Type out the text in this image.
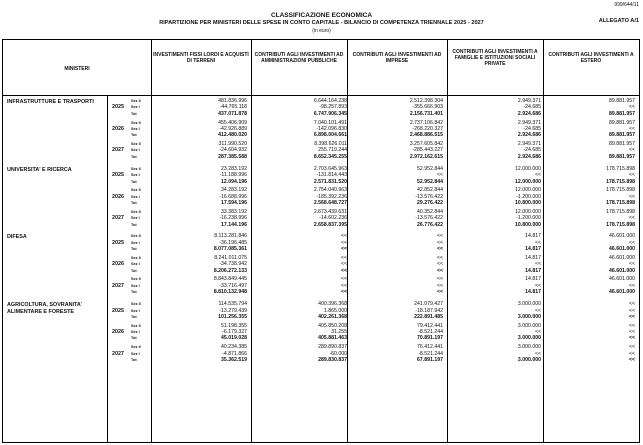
999/644/11
CLASSIFICAZIONE ECONOMICA
RIPARTIZIONE PER MINISTERI DELLE SPESE IN CONTO CAPITALE - BILANCIO DI COMPETENZA TRIENNALE 2025 - 2027
(in euro)
ALLEGATO A/1
MINISTERI
INVESTIMENTI FISSI LORDI E ACQUISTI DI TERRENI
CONTRIBUTI AGLI INVESTIMENTI AD AMMINISTRAZIONI PUBBLICHE
CONTRIBUTI AGLI INVESTIMENTI AD IMPRESE
CONTRIBUTI AGLI INVESTIMENTI A FAMIGLIE E ISTITUZIONI SOCIALI PRIVATE
CONTRIBUTI AGLI INVESTIMENTI A ESTERO
INFRASTRUTTURE E TRASPORTI
2025
Sez II	481.836.996	6.644.164.238	2.512.398.304	2.949.371	89.881.957
Sez I	-44.765.118	-98.257.893	-355.666.903	-24.685	<<
Tot	437.071.878	6.747.906.345	2.156.731.401	2.924.686	89.881.957
2026
Sez II	455.406.909	7.040.101.491	2.737.106.842	2.949.371	89.881.957
Sez I	-42.926.889	-142.096.830	-268.220.327	-24.685	<<
Tot	412.480.020	6.898.004.661	2.468.886.515	2.924.686	89.881.957
2027
Sez II	311.990.520	8.398.626.011	3.257.605.842	2.949.371	89.881.957
Sez I	-24.604.932	255.719.244	-285.443.227	-24.685	<<
Tot	287.385.588	8.652.345.255	2.972.162.615	2.924.686	89.881.957
UNIVERSITA' E RICERCA
2025
Sez II	23.283.192	2.703.645.963	52.952.844	12.000.000	178.715.898
Sez I	-11.188.996	-131.814.443	<<	<<	<<
Tot	12.094.196	2.571.831.520	52.952.844	12.000.000	178.715.898
2026
Sez II	34.283.192	2.754.040.963	42.852.844	12.000.000	178.715.898
Sez I	-16.688.996	-185.392.236	-13.576.422	-1.200.000	<<
Tot	17.594.196	2.568.648.727	29.276.422	10.800.000	178.715.898
2027
Sez II	33.383.192	2.673.439.631	40.352.844	12.000.000	178.715.898
Sez I	-16.238.996	-14.602.236	-13.576.422	-1.200.000	<<
Tot	17.144.196	2.658.837.395	26.776.422	10.800.000	178.715.898
DIFESA
2025
Sez II	8.113.281.846	<<	<<	14.817	46.601.000
Sez I	-36.196.485	<<	<<	<<	<<
Tot	8.077.085.361	<<	<<	14.817	46.601.000
2026
Sez II	8.241.011.075	<<	<<	14.817	46.601.000
Sez I	-34.738.942	<<	<<	<<	<<
Tot	8.206.272.133	<<	<<	14.817	46.601.000
2027
Sez II	8.843.849.445	<<	<<	14.817	46.601.000
Sez I	-33.716.497	<<	<<	<<	<<
Tot	8.810.132.948	<<	<<	14.817	46.601.000
AGRICOLTURA, SOVRANITA' ALIMENTARE E FORESTE	2025
Sez II	114.535.794	400.396.368	241.079.427	3.000.000	<<
Sez I	-13.279.439	1.865.000	-18.187.942	<<	<<
Tot	101.256.355	402.261.368	222.891.485	3.000.000	<<
2026
Sez II	51.198.355	405.850.208	79.412.441	3.000.000	<<
Sez I	-6.179.327	31.255	-8.521.244	<<	<<
Tot	45.019.028	405.881.463	70.891.197	3.000.000	<<
2027
Sez II	40.234.385	289.890.837	76.412.441	3.000.000	<<
Sez I	-4.871.866	-60.000	-8.521.244	<<	<<
Tot	35.362.519	289.830.837	67.891.197	3.000.000	<<
